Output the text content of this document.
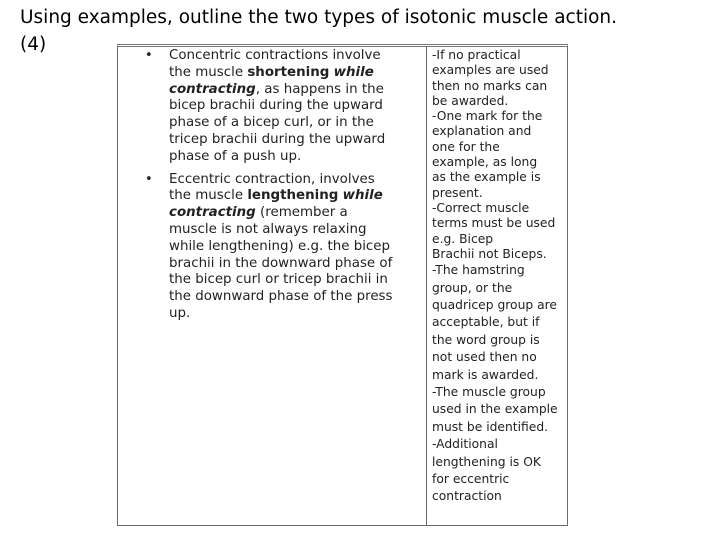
Using examples, outline the two types of isotonic muscle action.
(4)
• Concentric contractions involve the muscle shortening while contracting, as happens in the bicep brachii during the upward phase of a bicep curl, or in the tricep brachii during the upward phase of a push up.
• Eccentric contraction, involves the muscle lengthening while contracting (remember a muscle is not always relaxing while lengthening) e.g. the bicep brachii in the downward phase of the bicep curl or tricep brachii in the downward phase of the press up.
-If no practical
examples are used
then no marks can
be awarded.
-One mark for the
explanation and
one for the
example, as long
as the example is
present.
-Correct muscle
terms must be used
e.g. Bicep
Brachii not Biceps.
-The hamstring
group, or the
quadricep group are
acceptable, but if
the word group is
not used then no
mark is awarded.
-The muscle group
used in the example
must be identified.
-Additional
lengthening is OK
for eccentric
contraction
